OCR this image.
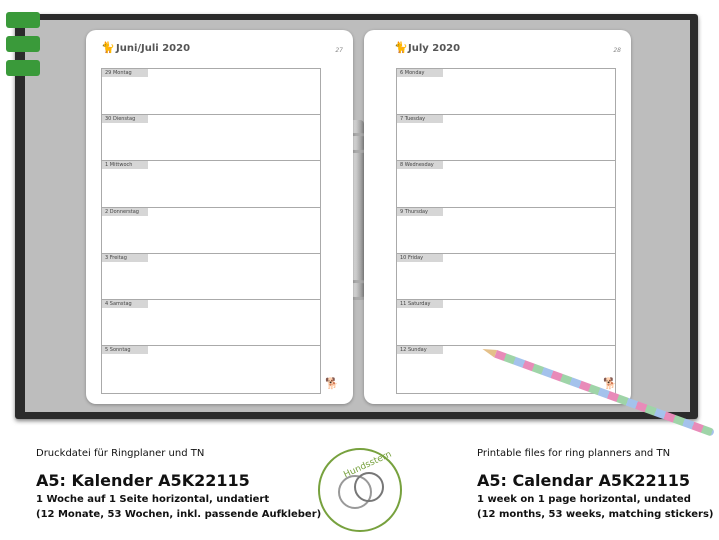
🐈 Juni/Juli 2020	27
29 Montag
30 Dienstag
1 Mittwoch
2 Donnerstag
3 Freitag
4 Samstag
5 Sonntag
🐕
🐈 July 2020	28
6 Monday
7 Tuesday
8 Wednesday
9 Thursday
10 Friday
11 Saturday
12 Sunday
🐕
Druckdatei für Ringplaner und TN
A5: Kalender A5K22115
1 Woche auf 1 Seite horizontal, undatiert
(12 Monate, 53 Wochen, inkl. passende Aufkleber)
Hundsstern	Printable files for ring planners and TN
A5: Calendar A5K22115
1 week on 1 page horizontal, undated
(12 months, 53 weeks, matching stickers)
